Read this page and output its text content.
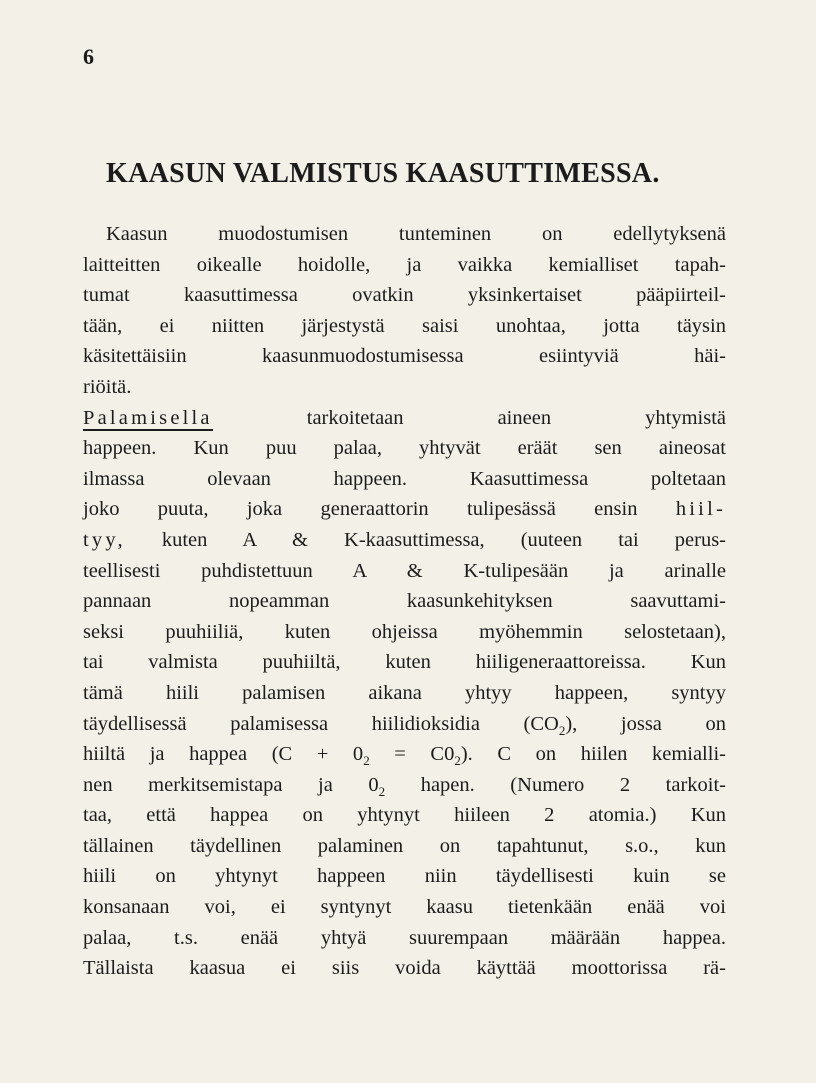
6
KAASUN VALMISTUS KAASUTTIMESSA.
Kaasun muodostumisen tunteminen on edellytyksenä
laitteitten oikealle hoidolle, ja vaikka kemialliset tapah-
tumat kaasuttimessa ovatkin yksinkertaiset pääpiirteil-
tään, ei niitten järjestystä saisi unohtaa, jotta täysin
käsitettäisiin kaasunmuodostumisessa esiintyviä häi-
riöitä.
Palamisella tarkoitetaan aineen yhtymistä
happeen. Kun puu palaa, yhtyvät eräät sen aineosat
ilmassa olevaan happeen. Kaasuttimessa poltetaan
joko puuta, joka generaattorin tulipesässä ensin hiil-
tyy, kuten A & K-kaasuttimessa, (uuteen tai perus-
teellisesti puhdistettuun A & K-tulipesään ja arinalle
pannaan nopeamman kaasunkehityksen saavuttami-
seksi puuhiiliä, kuten ohjeissa myöhemmin selostetaan),
tai valmista puuhiiltä, kuten hiiligeneraattoreissa. Kun
tämä hiili palamisen aikana yhtyy happeen, syntyy
täydellisessä palamisessa hiilidioksidia $(CO_2)$, jossa on
hiiltä ja happea $(C + 0_2 = C0_2)$. C on hiilen kemialli-
nen merkitsemistapa ja $0_2$ hapen. (Numero 2 tarkoit-
taa, että happea on yhtynyt hiileen 2 atomia.) Kun
tällainen täydellinen palaminen on tapahtunut, s.o., kun
hiili on yhtynyt happeen niin täydellisesti kuin se
konsanaan voi, ei syntynyt kaasu tietenkään enää voi
palaa, t.s. enää yhtyä suurempaan määrään happea.
Tällaista kaasua ei siis voida käyttää moottorissa rä-
